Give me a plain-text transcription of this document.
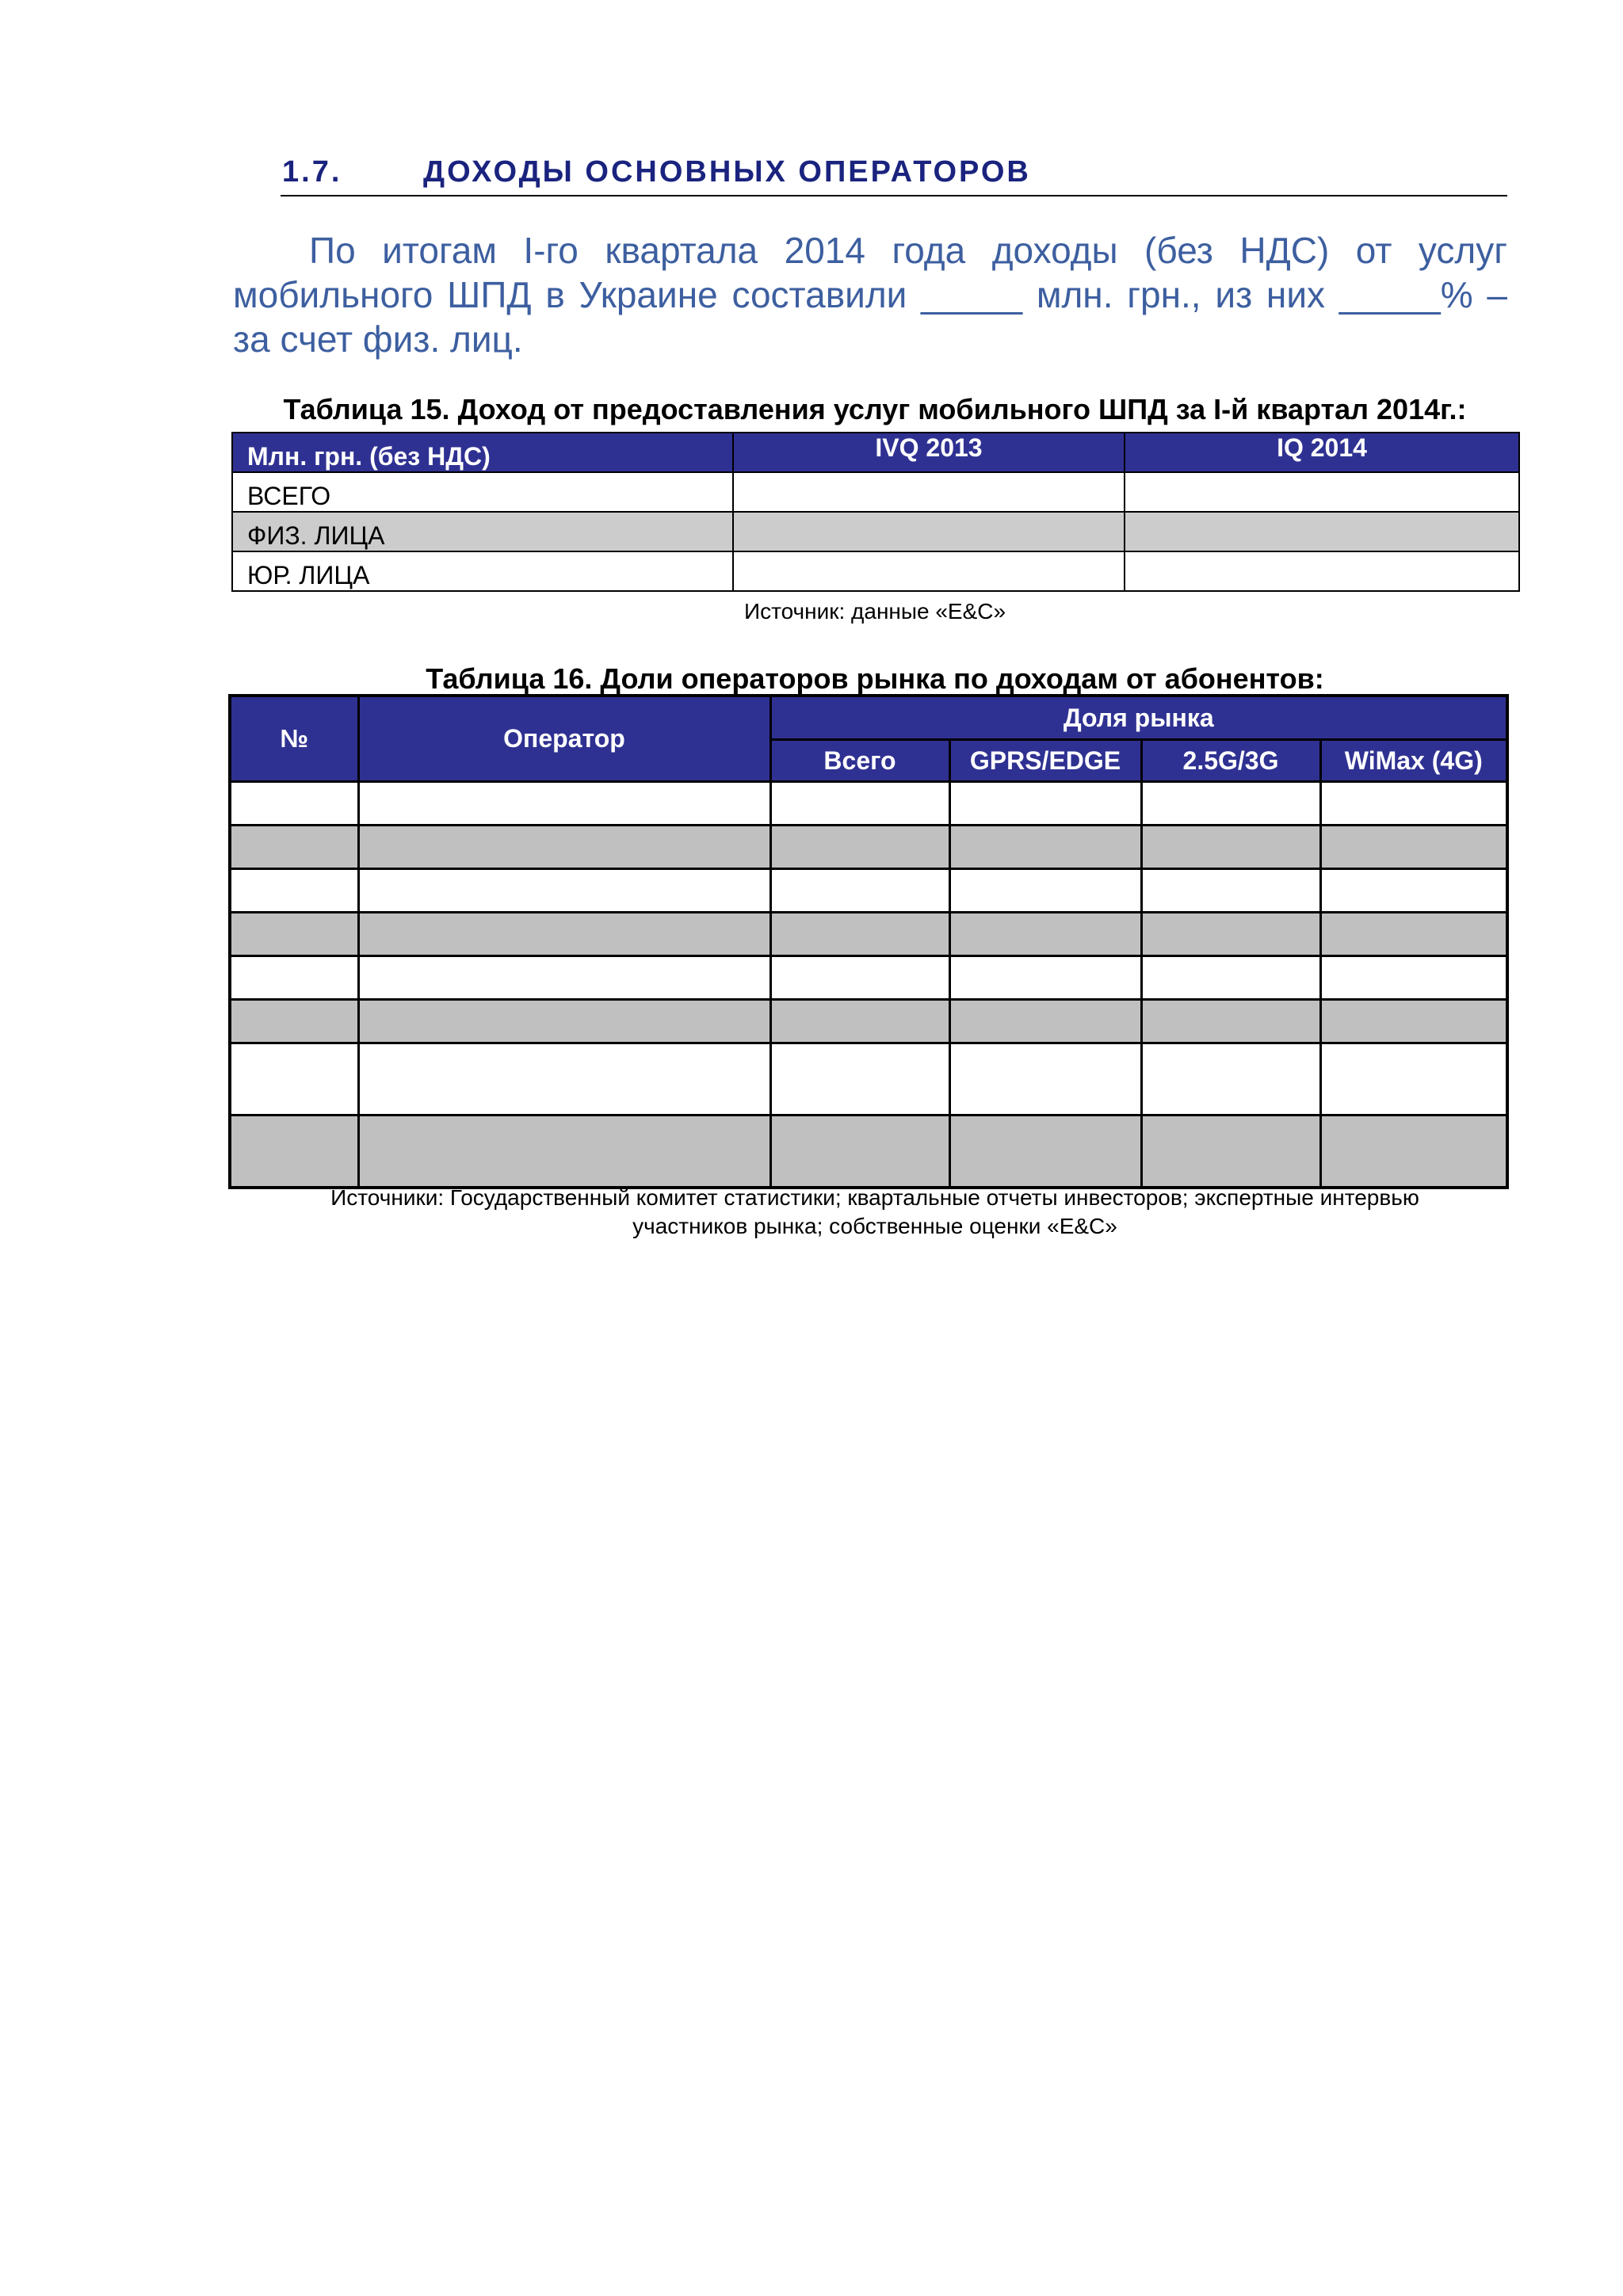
1.7.	ДОХОДЫ ОСНОВНЫХ ОПЕРАТОРОВ

По итогам I-го квартала 2014 года доходы (без НДС) от услуг мобильного ШПД в Украине составили _____ млн. грн., из них _____% – за счет физ. лиц.

Таблица 15. Доход от предоставления услуг мобильного ШПД за I-й квартал 2014г.:

Млн. грн. (без НДС)	IVQ 2013	IQ 2014
ВСЕГО		
ФИЗ. ЛИЦА		
ЮР. ЛИЦА		

Источник: данные «E&C»

Таблица 16. Доли операторов рынка по доходам от абонентов:

№	Оператор	Доля рынка			
		Всего	GPRS/EDGE	2.5G/3G	WiMax (4G)

Источники: Государственный комитет статистики; квартальные отчеты инвесторов; экспертные интервью
участников рынка; собственные оценки «E&C»
